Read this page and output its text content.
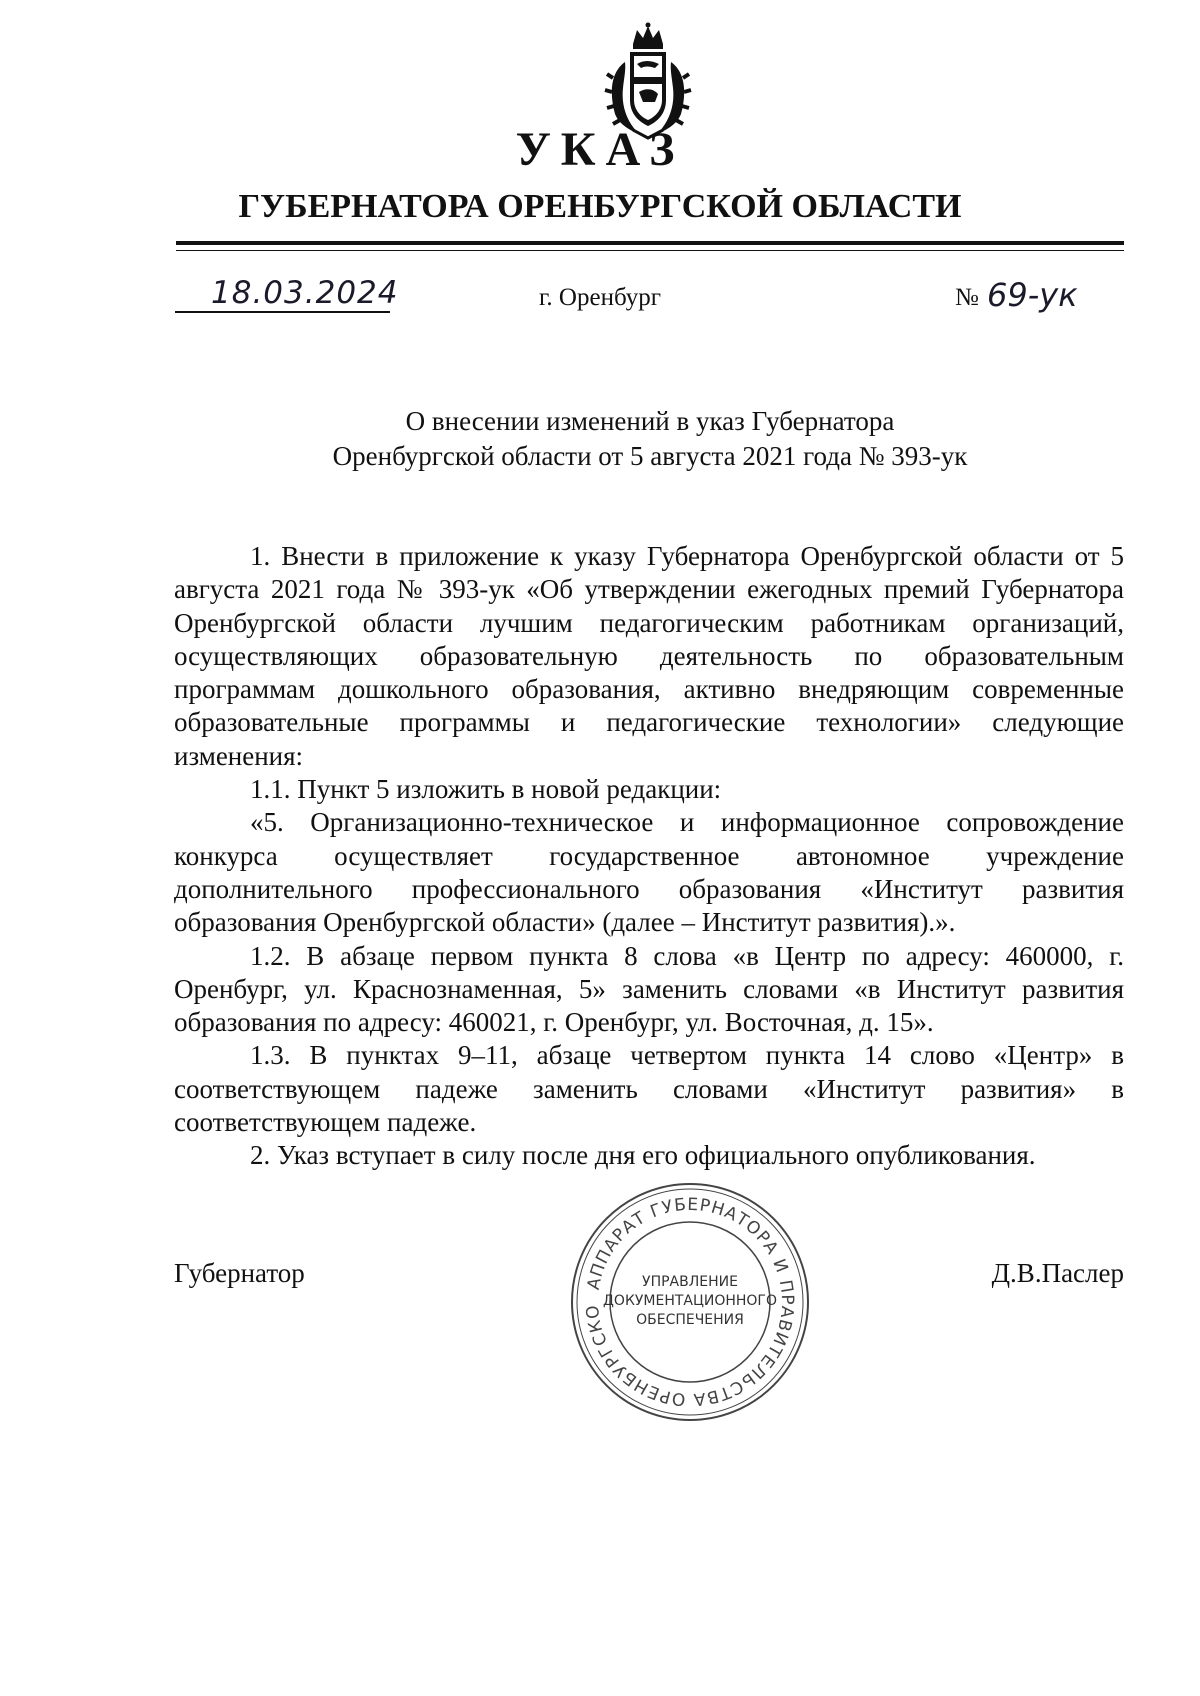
УКАЗ
ГУБЕРНАТОРА ОРЕНБУРГСКОЙ ОБЛАСТИ
18.03.2024	г. Оренбург	№ 69-ук
О внесении изменений в указ Губернатора
Оренбургской области от 5 августа 2021 года № 393-ук

1. Внести в приложение к указу Губернатора Оренбургской области от 5 августа 2021 года № 393-ук «Об утверждении ежегодных премий Губернатора Оренбургской области лучшим педагогическим работникам организаций, осуществляющих образовательную деятельность по образовательным программам дошкольного образования, активно внедряющим современные образовательные программы и педагогические технологии» следующие изменения:

1.1. Пункт 5 изложить в новой редакции:

«5. Организационно-техническое и информационное сопровождение конкурса осуществляет государственное автономное учреждение дополнительного профессионального образования «Институт развития образования Оренбургской области» (далее – Институт развития).».

1.2. В абзаце первом пункта 8 слова «в Центр по адресу: 460000, г. Оренбург, ул. Краснознаменная, 5» заменить словами «в Институт развития образования по адресу: 460021, г. Оренбург, ул. Восточная, д. 15».

1.3. В пунктах 9–11, абзаце четвертом пункта 14 слово «Центр» в соответствующем падеже заменить словами «Институт развития» в соответствующем падеже.

2. Указ вступает в силу после дня его официального опубликования.

Губернатор	Д.В.Паслер
АППАРАТ ГУБЕРНАТОРА И ПРАВИТЕЛЬСТВА ОРЕНБУРГСКО
УПРАВЛЕНИЕ
ДОКУМЕНТАЦИОННОГО
ОБЕСПЕЧЕНИЯ
